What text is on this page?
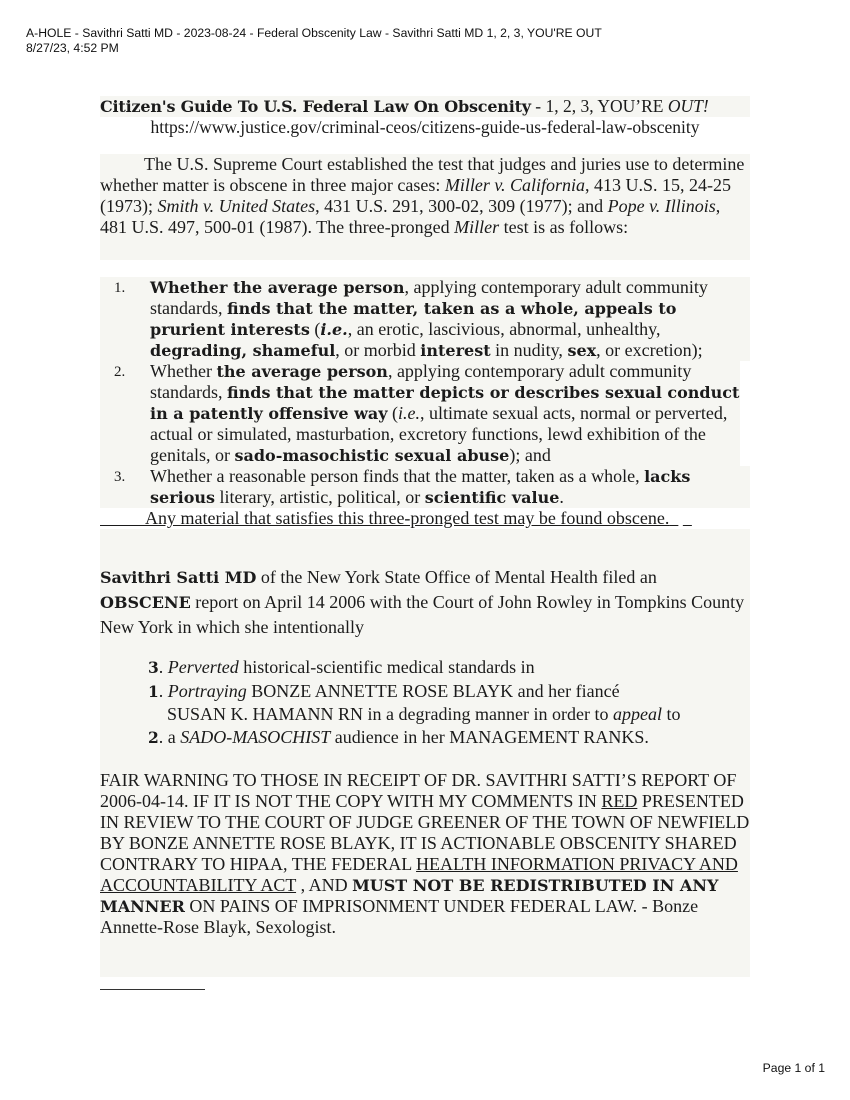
A-HOLE - Savithri Satti MD - 2023-08-24 - Federal Obscenity Law - Savithri Satti MD 1, 2, 3, YOU'RE OUT
8/27/23, 4:52 PM
Citizen's Guide To U.S. Federal Law On Obscenity - 1, 2, 3, YOU’RE OUT!
https://www.justice.gov/criminal-ceos/citizens-guide-us-federal-law-obscenity

The U.S. Supreme Court established the test that judges and juries use to determine whether matter is obscene in three major cases: Miller v. California, 413 U.S. 15, 24-25 (1973); Smith v. United States, 431 U.S. 291, 300-02, 309 (1977); and Pope v. Illinois, 481 U.S. 497, 500-01 (1987). The three-pronged Miller test is as follows:

1. Whether the average person, applying contemporary adult community standards, finds that the matter, taken as a whole, appeals to prurient interests (i.e., an erotic, lascivious, abnormal, unhealthy, degrading, shameful, or morbid interest in nudity, sex, or excretion);
2. Whether the average person, applying contemporary adult community standards, finds that the matter depicts or describes sexual conduct in a patently offensive way (i.e., ultimate sexual acts, normal or perverted, actual or simulated, masturbation, excretory functions, lewd exhibition of the genitals, or sado-masochistic sexual abuse); and
3. Whether a reasonable person finds that the matter, taken as a whole, lacks serious literary, artistic, political, or scientific value.
Any material that satisfies this three-pronged test may be found obscene.
Savithri Satti MD of the New York State Office of Mental Health filed an OBSCENE report on April 14 2006 with the Court of John Rowley in Tompkins County New York in which she intentionally
3. Perverted historical-scientific medical standards in
1. Portraying BONZE ANNETTE ROSE BLAYK and her fiancé
SUSAN K. HAMANN RN in a degrading manner in order to appeal to
2. a SADO-MASOCHIST audience in her MANAGEMENT RANKS.
FAIR WARNING TO THOSE IN RECEIPT OF DR. SAVITHRI SATTI’S REPORT OF 2006-04-14. IF IT IS NOT THE COPY WITH MY COMMENTS IN RED PRESENTED IN REVIEW TO THE COURT OF JUDGE GREENER OF THE TOWN OF NEWFIELD BY BONZE ANNETTE ROSE BLAYK, IT IS ACTIONABLE OBSCENITY SHARED CONTRARY TO HIPAA, THE FEDERAL HEALTH INFORMATION PRIVACY AND ACCOUNTABILITY ACT , AND MUST NOT BE REDISTRIBUTED IN ANY MANNER ON PAINS OF IMPRISONMENT UNDER FEDERAL LAW. - Bonze Annette-Rose Blayk, Sexologist.
Page 1 of 1
